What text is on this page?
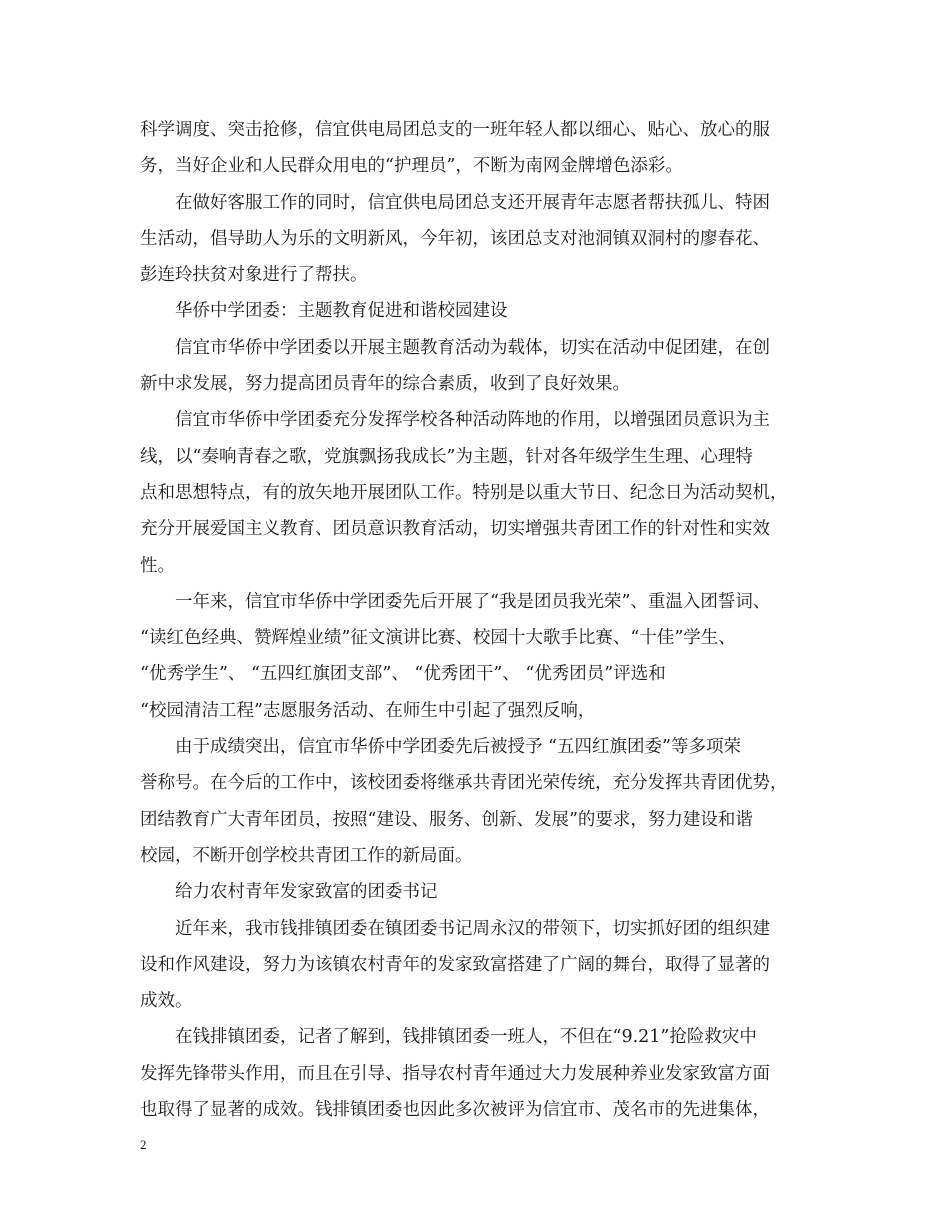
科学调度、突击抢修，信宜供电局团总支的一班年轻人都以细心、贴心、放心的服
务，当好企业和人民群众用电的“护理员”，不断为南网金牌增色添彩。
在做好客服工作的同时，信宜供电局团总支还开展青年志愿者帮扶孤儿、特困
生活动，倡导助人为乐的文明新风，今年初，该团总支对池洞镇双洞村的廖春花、
彭连玲扶贫对象进行了帮扶。
华侨中学团委：主题教育促进和谐校园建设
信宜市华侨中学团委以开展主题教育活动为载体，切实在活动中促团建，在创
新中求发展，努力提高团员青年的综合素质，收到了良好效果。
信宜市华侨中学团委充分发挥学校各种活动阵地的作用，以增强团员意识为主
线，以“奏响青春之歌，党旗飘扬我成长”为主题，针对各年级学生生理、心理特
点和思想特点，有的放矢地开展团队工作。特别是以重大节日、纪念日为活动契机，
充分开展爱国主义教育、团员意识教育活动，切实增强共青团工作的针对性和实效
性。
一年来，信宜市华侨中学团委先后开展了“我是团员我光荣”、重温入团誓词、
“读红色经典、赞辉煌业绩”征文演讲比赛、校园十大歌手比赛、“十佳”学生、
“优秀学生”、 “五四红旗团支部”、 “优秀团干”、 “优秀团员”评选和
“校园清洁工程”志愿服务活动、在师生中引起了强烈反响，
由于成绩突出，信宜市华侨中学团委先后被授予 “五四红旗团委”等多项荣
誉称号。在今后的工作中，该校团委将继承共青团光荣传统，充分发挥共青团优势，
团结教育广大青年团员，按照“建设、服务、创新、发展”的要求，努力建设和谐
校园，不断开创学校共青团工作的新局面。
给力农村青年发家致富的团委书记
近年来，我市钱排镇团委在镇团委书记周永汉的带领下，切实抓好团的组织建
设和作风建设，努力为该镇农村青年的发家致富搭建了广阔的舞台，取得了显著的
成效。
在钱排镇团委，记者了解到，钱排镇团委一班人，不但在“9.21”抢险救灾中
发挥先锋带头作用，而且在引导、指导农村青年通过大力发展种养业发家致富方面
也取得了显著的成效。钱排镇团委也因此多次被评为信宜市、茂名市的先进集体，
2
